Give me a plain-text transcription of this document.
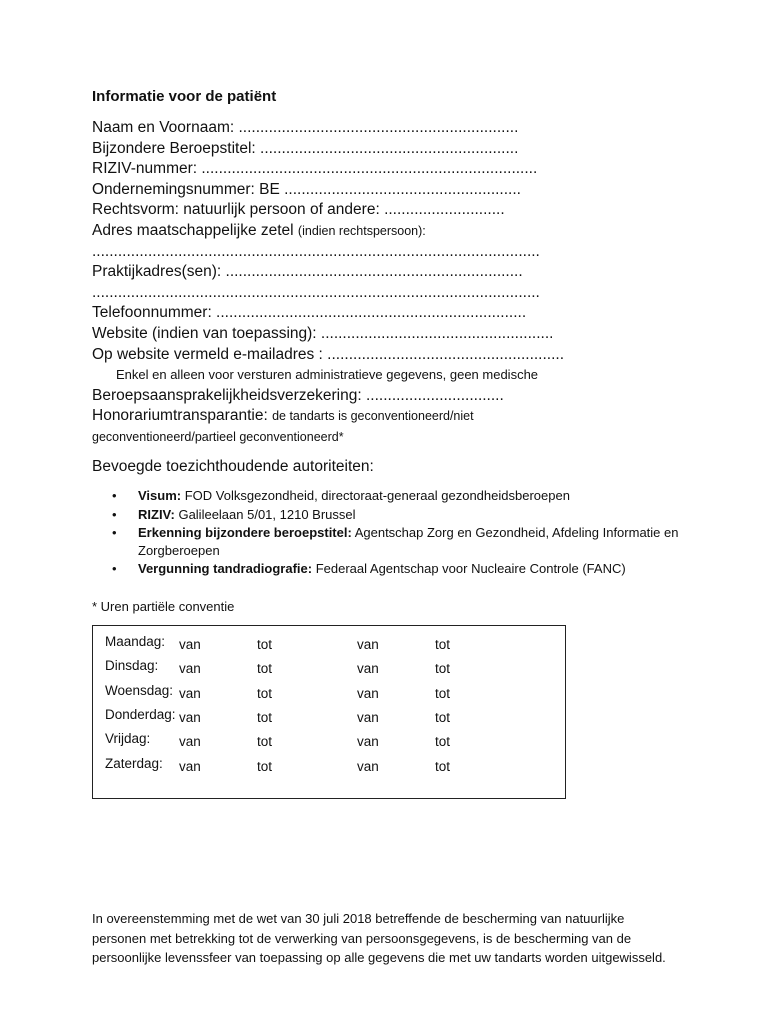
Informatie voor de patiënt
Naam en Voornaam: .................................................................
Bijzondere Beroepstitel: ............................................................
RIZIV-nummer: ..............................................................................
Ondernemingsnummer: BE .......................................................
Rechtsvorm: natuurlijk persoon of andere: ............................
Adres maatschappelijke zetel (indien rechtspersoon):
........................................................................................................
Praktijkadres(sen): .....................................................................
........................................................................................................
Telefoonnummer: ........................................................................
Website (indien van toepassing): ......................................................
Op website vermeld e-mailadres : .......................................................
Enkel en alleen voor versturen administratieve gegevens, geen medische
Beroepsaansprakelijkheidsverzekering: ................................
Honorariumtransparantie: de tandarts is geconventioneerd/niet
geconventioneerd/partieel geconventioneerd*
Bevoegde toezichthoudende autoriteiten:
• Visum: FOD Volksgezondheid, directoraat-generaal gezondheidsberoepen
• RIZIV: Galileelaan 5/01, 1210 Brussel
• Erkenning bijzondere beroepstitel: Agentschap Zorg en Gezondheid, Afdeling Informatie en Zorgberoepen
• Vergunning tandradiografie: Federaal Agentschap voor Nucleaire Controle (FANC)
* Uren partiële conventie
Maandag: van	tot	van	tot
Dinsdag: van	tot	van	tot
Woensdag: van	tot	van	tot
Donderdag: van	tot	van	tot
Vrijdag: van	tot	van	tot
Zaterdag: van	tot	van	tot
In overeenstemming met de wet van 30 juli 2018 betreffende de bescherming van natuurlijke personen met betrekking tot de verwerking van persoonsgegevens, is de bescherming van de persoonlijke levenssfeer van toepassing op alle gegevens die met uw tandarts worden uitgewisseld.
